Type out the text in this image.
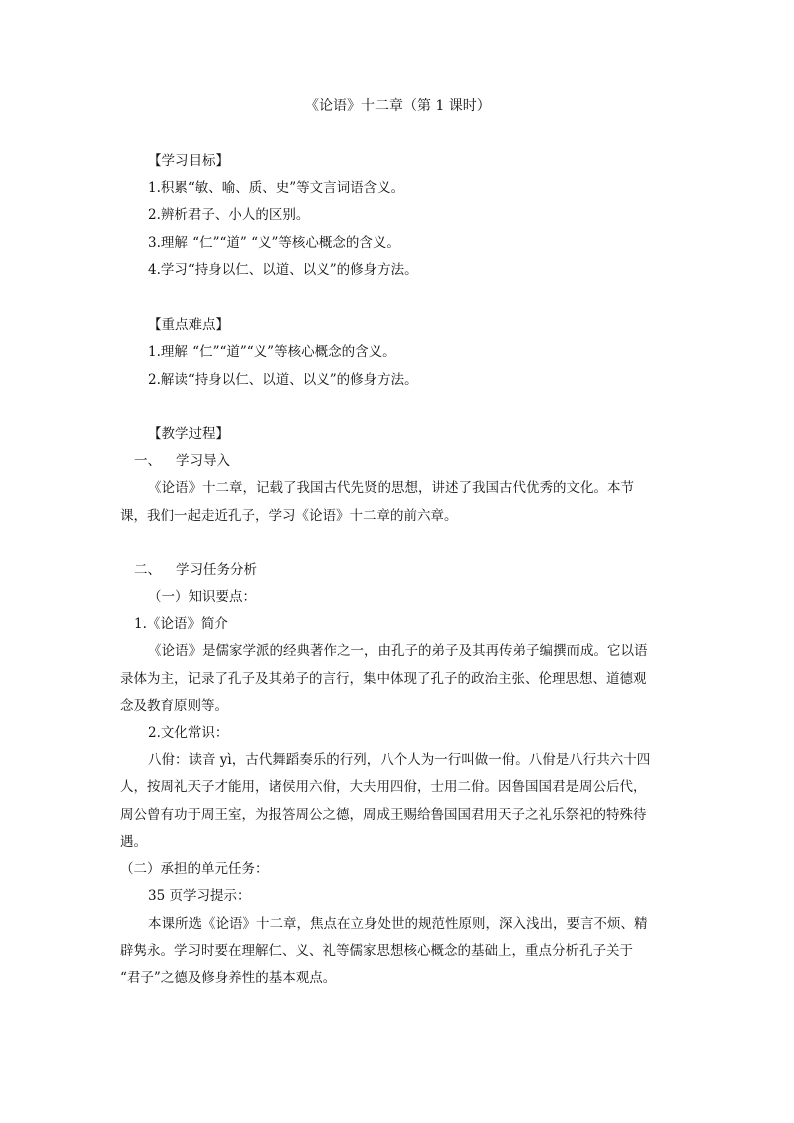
《论语》十二章（第 1 课时）
【学习目标】
1.积累“敏、喻、质、史”等文言词语含义。
2.辨析君子、小人的区别。
3.理解 “仁”“道” “义”等核心概念的含义。
4.学习“持身以仁、以道、以义”的修身方法。
【重点难点】
1.理解 “仁”“道”“义”等核心概念的含义。
2.解读“持身以仁、以道、以义”的修身方法。
【教学过程】
一、 学习导入
《论语》十二章，记载了我国古代先贤的思想，讲述了我国古代优秀的文化。本节
课，我们一起走近孔子，学习《论语》十二章的前六章。
二、 学习任务分析
（一）知识要点：
1.《论语》简介
《论语》是儒家学派的经典著作之一，由孔子的弟子及其再传弟子编撰而成。它以语
录体为主，记录了孔子及其弟子的言行，集中体现了孔子的政治主张、伦理思想、道德观
念及教育原则等。
2.文化常识：
八佾：读音 yì，古代舞蹈奏乐的行列，八个人为一行叫做一佾。八佾是八行共六十四
人，按周礼天子才能用，诸侯用六佾，大夫用四佾，士用二佾。因鲁国国君是周公后代，
周公曾有功于周王室，为报答周公之德，周成王赐给鲁国国君用天子之礼乐祭祀的特殊待
遇。
（二）承担的单元任务：
35 页学习提示：
本课所选《论语》十二章，焦点在立身处世的规范性原则，深入浅出，要言不烦、精
辟隽永。学习时要在理解仁、义、礼等儒家思想核心概念的基础上，重点分析孔子关于
“君子”之德及修身养性的基本观点。
